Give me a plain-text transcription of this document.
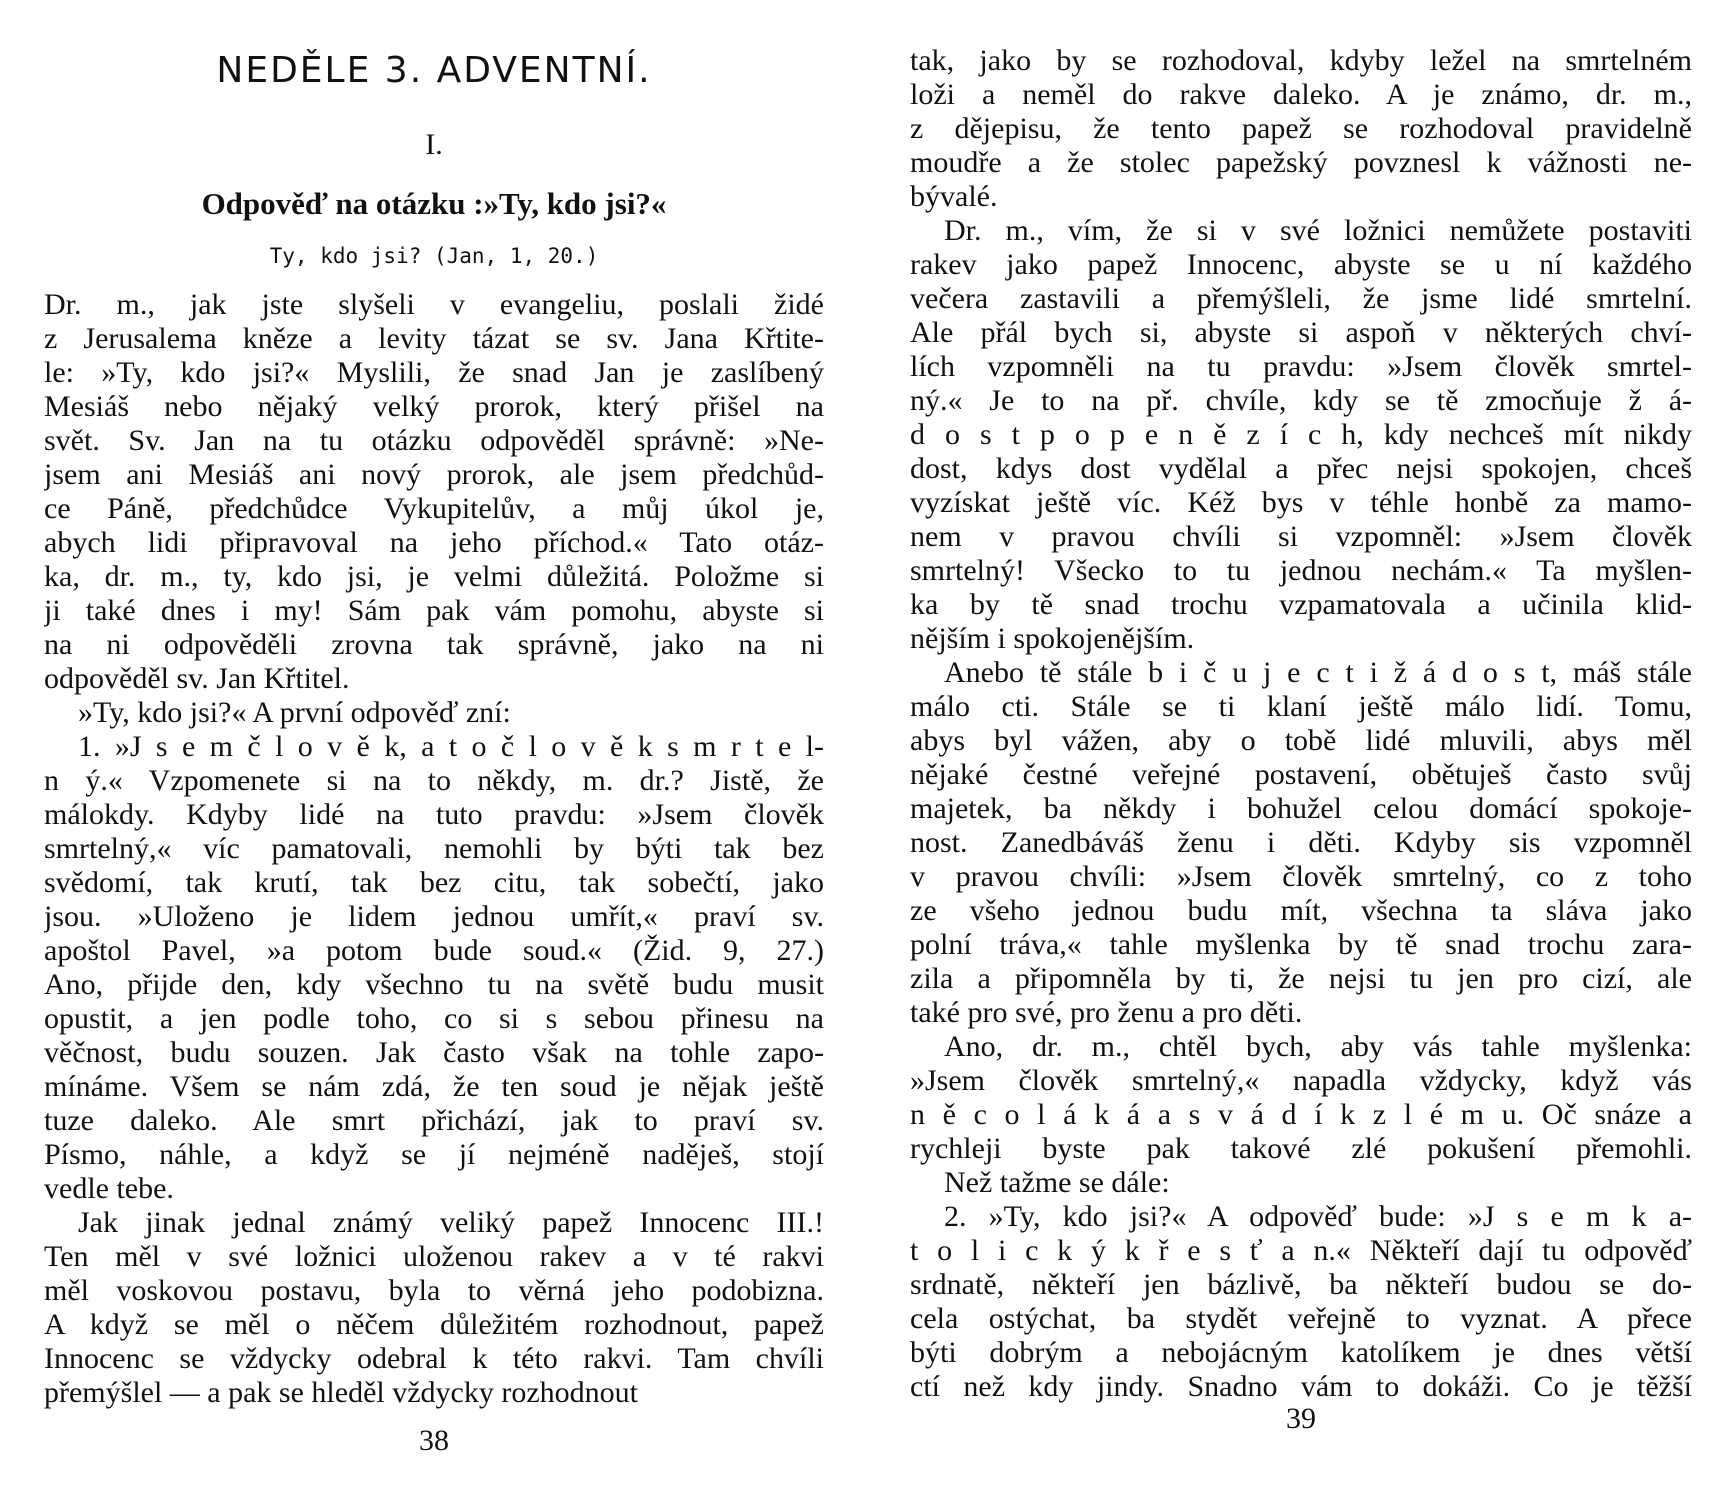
NEDĚLE 3. ADVENTNÍ.
I.
Odpověď na otázku :»Ty, kdo jsi?«
Ty, kdo jsi? (Jan, 1, 20.)
Dr. m., jak jste slyšeli v evangeliu, poslali židé
z Jerusalema kněze a levity tázat se sv. Jana Křtite-
le: »Ty, kdo jsi?« Myslili, že snad Jan je zaslíbený
Mesiáš nebo nějaký velký prorok, který přišel na
svět. Sv. Jan na tu otázku odpověděl správně: »Ne-
jsem ani Mesiáš ani nový prorok, ale jsem předchůd-
ce Páně, předchůdce Vykupitelův, a můj úkol je,
abych lidi připravoval na jeho příchod.« Tato otáz-
ka, dr. m., ty, kdo jsi, je velmi důležitá. Položme si
ji také dnes i my! Sám pak vám pomohu, abyste si
na ni odpověděli zrovna tak správně, jako na ni
odpověděl sv. Jan Křtitel.
»Ty, kdo jsi?« A první odpověď zní:
1. »J s e m č l o v ě k, a t o č l o v ě k s m r t e l-
n ý.« Vzpomenete si na to někdy, m. dr.? Jistě, že
málokdy. Kdyby lidé na tuto pravdu: »Jsem člověk
smrtelný,« víc pamatovali, nemohli by býti tak bez
svědomí, tak krutí, tak bez citu, tak sobečtí, jako
jsou. »Uloženo je lidem jednou umřít,« praví sv.
apoštol Pavel, »a potom bude soud.« (Žid. 9, 27.)
Ano, přijde den, kdy všechno tu na světě budu musit
opustit, a jen podle toho, co si s sebou přinesu na
věčnost, budu souzen. Jak často však na tohle zapo-
mínáme. Všem se nám zdá, že ten soud je nějak ještě
tuze daleko. Ale smrt přichází, jak to praví sv.
Písmo, náhle, a když se jí nejméně naděješ, stojí
vedle tebe.
Jak jinak jednal známý veliký papež Innocenc III.!
Ten měl v své ložnici uloženou rakev a v té rakvi
měl voskovou postavu, byla to věrná jeho podobizna.
A když se měl o něčem důležitém rozhodnout, papež
Innocenc se vždycky odebral k této rakvi. Tam chvíli
přemýšlel — a pak se hleděl vždycky rozhodnout
38
tak, jako by se rozhodoval, kdyby ležel na smrtelném
loži a neměl do rakve daleko. A je známo, dr. m.,
z dějepisu, že tento papež se rozhodoval pravidelně
moudře a že stolec papežský povznesl k vážnosti ne-
bývalé.
Dr. m., vím, že si v své ložnici nemůžete postaviti
rakev jako papež Innocenc, abyste se u ní každého
večera zastavili a přemýšleli, že jsme lidé smrtelní.
Ale přál bych si, abyste si aspoň v některých chví-
lích vzpomněli na tu pravdu: »Jsem člověk smrtel-
ný.« Je to na př. chvíle, kdy se tě zmocňuje ž á-
d o s t p o p e n ě z í c h, kdy nechceš mít nikdy
dost, kdys dost vydělal a přec nejsi spokojen, chceš
vyzískat ještě víc. Kéž bys v téhle honbě za mamo-
nem v pravou chvíli si vzpomněl: »Jsem člověk
smrtelný! Všecko to tu jednou nechám.« Ta myšlen-
ka by tě snad trochu vzpamatovala a učinila klid-
nějším i spokojenějším.
Anebo tě stále b i č u j e c t i ž á d o s t, máš stále
málo cti. Stále se ti klaní ještě málo lidí. Tomu,
abys byl vážen, aby o tobě lidé mluvili, abys měl
nějaké čestné veřejné postavení, obětuješ často svůj
majetek, ba někdy i bohužel celou domácí spokoje-
nost. Zanedbáváš ženu i děti. Kdyby sis vzpomněl
v pravou chvíli: »Jsem člověk smrtelný, co z toho
ze všeho jednou budu mít, všechna ta sláva jako
polní tráva,« tahle myšlenka by tě snad trochu zara-
zila a připomněla by ti, že nejsi tu jen pro cizí, ale
také pro své, pro ženu a pro děti.
Ano, dr. m., chtěl bych, aby vás tahle myšlenka:
»Jsem člověk smrtelný,« napadla vždycky, když vás
n ě c o l á k á a s v á d í k z l é m u. Oč snáze a
rychleji byste pak takové zlé pokušení přemohli.
Než tažme se dále:
2. »Ty, kdo jsi?« A odpověď bude: »J s e m k a-
t o l i c k ý k ř e s ť a n.« Někteří dají tu odpověď
srdnatě, někteří jen bázlivě, ba někteří budou se do-
cela ostýchat, ba stydět veřejně to vyznat. A přece
býti dobrým a nebojácným katolíkem je dnes větší
ctí než kdy jindy. Snadno vám to dokáži. Co je těžší
39
